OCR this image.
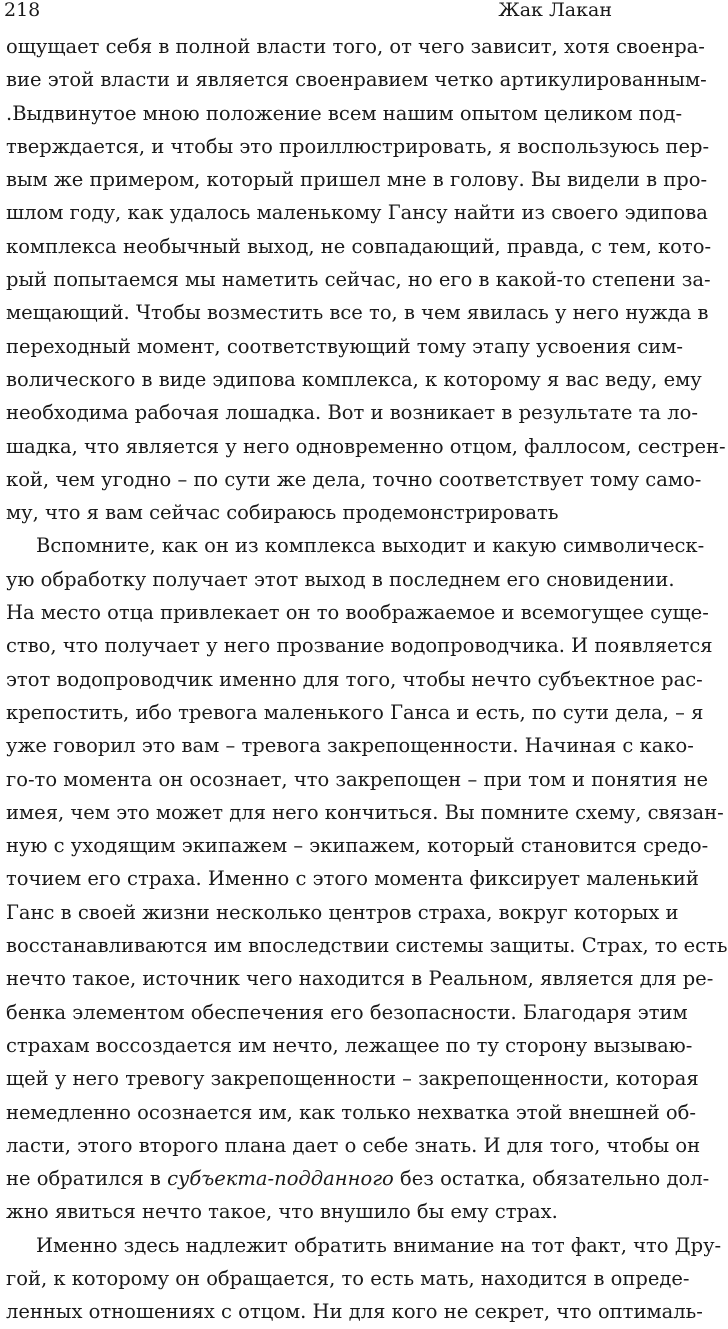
218	Жак Лакан
ощущает себя в полной власти того, от чего зависит, хотя своенра-
вие этой власти и является своенравием четко артикулированным-
.Выдвинутое мною положение всем нашим опытом целиком под-
тверждается, и чтобы это проиллюстрировать, я воспользуюсь пер-
вым же примером, который пришел мне в голову. Вы видели в про-
шлом году, как удалось маленькому Гансу найти из своего эдипова
комплекса необычный выход, не совпадающий, правда, с тем, кото-
рый попытаемся мы наметить сейчас, но его в какой-то степени за-
мещающий. Чтобы возместить все то, в чем явилась у него нужда в
переходный момент, соответствующий тому этапу усвоения сим-
волического в виде эдипова комплекса, к которому я вас веду, ему
необходима рабочая лошадка. Вот и возникает в результате та ло-
шадка, что является у него одновременно отцом, фаллосом, сестрен-
кой, чем угодно – по сути же дела, точно соответствует тому само-
му, что я вам сейчас собираюсь продемонстрировать
Вспомните, как он из комплекса выходит и какую символическ-
ую обработку получает этот выход в последнем его сновидении.
На место отца привлекает он то воображаемое и всемогущее суще-
ство, что получает у него прозвание водопроводчика. И появляется
этот водопроводчик именно для того, чтобы нечто субъектное рас-
крепостить, ибо тревога маленького Ганса и есть, по сути дела, – я
уже говорил это вам – тревога закрепощенности. Начиная с како-
го-то момента он осознает, что закрепощен – при том и понятия не
имея, чем это может для него кончиться. Вы помните схему, связан-
ную с уходящим экипажем – экипажем, который становится средо-
точием его страха. Именно с этого момента фиксирует маленький
Ганс в своей жизни несколько центров страха, вокруг которых и
восстанавливаются им впоследствии системы защиты. Страх, то есть
нечто такое, источник чего находится в Реальном, является для ре-
бенка элементом обеспечения его безопасности. Благодаря этим
страхам воссоздается им нечто, лежащее по ту сторону вызываю-
щей у него тревогу закрепощенности – закрепощенности, которая
немедленно осознается им, как только нехватка этой внешней об-
ласти, этого второго плана дает о себе знать. И для того, чтобы он
не обратился в субъекта-подданного без остатка, обязательно дол-
жно явиться нечто такое, что внушило бы ему страх.
Именно здесь надлежит обратить внимание на тот факт, что Дру-
гой, к которому он обращается, то есть мать, находится в опреде-
ленных отношениях с отцом. Ни для кого не секрет, что оптималь-
